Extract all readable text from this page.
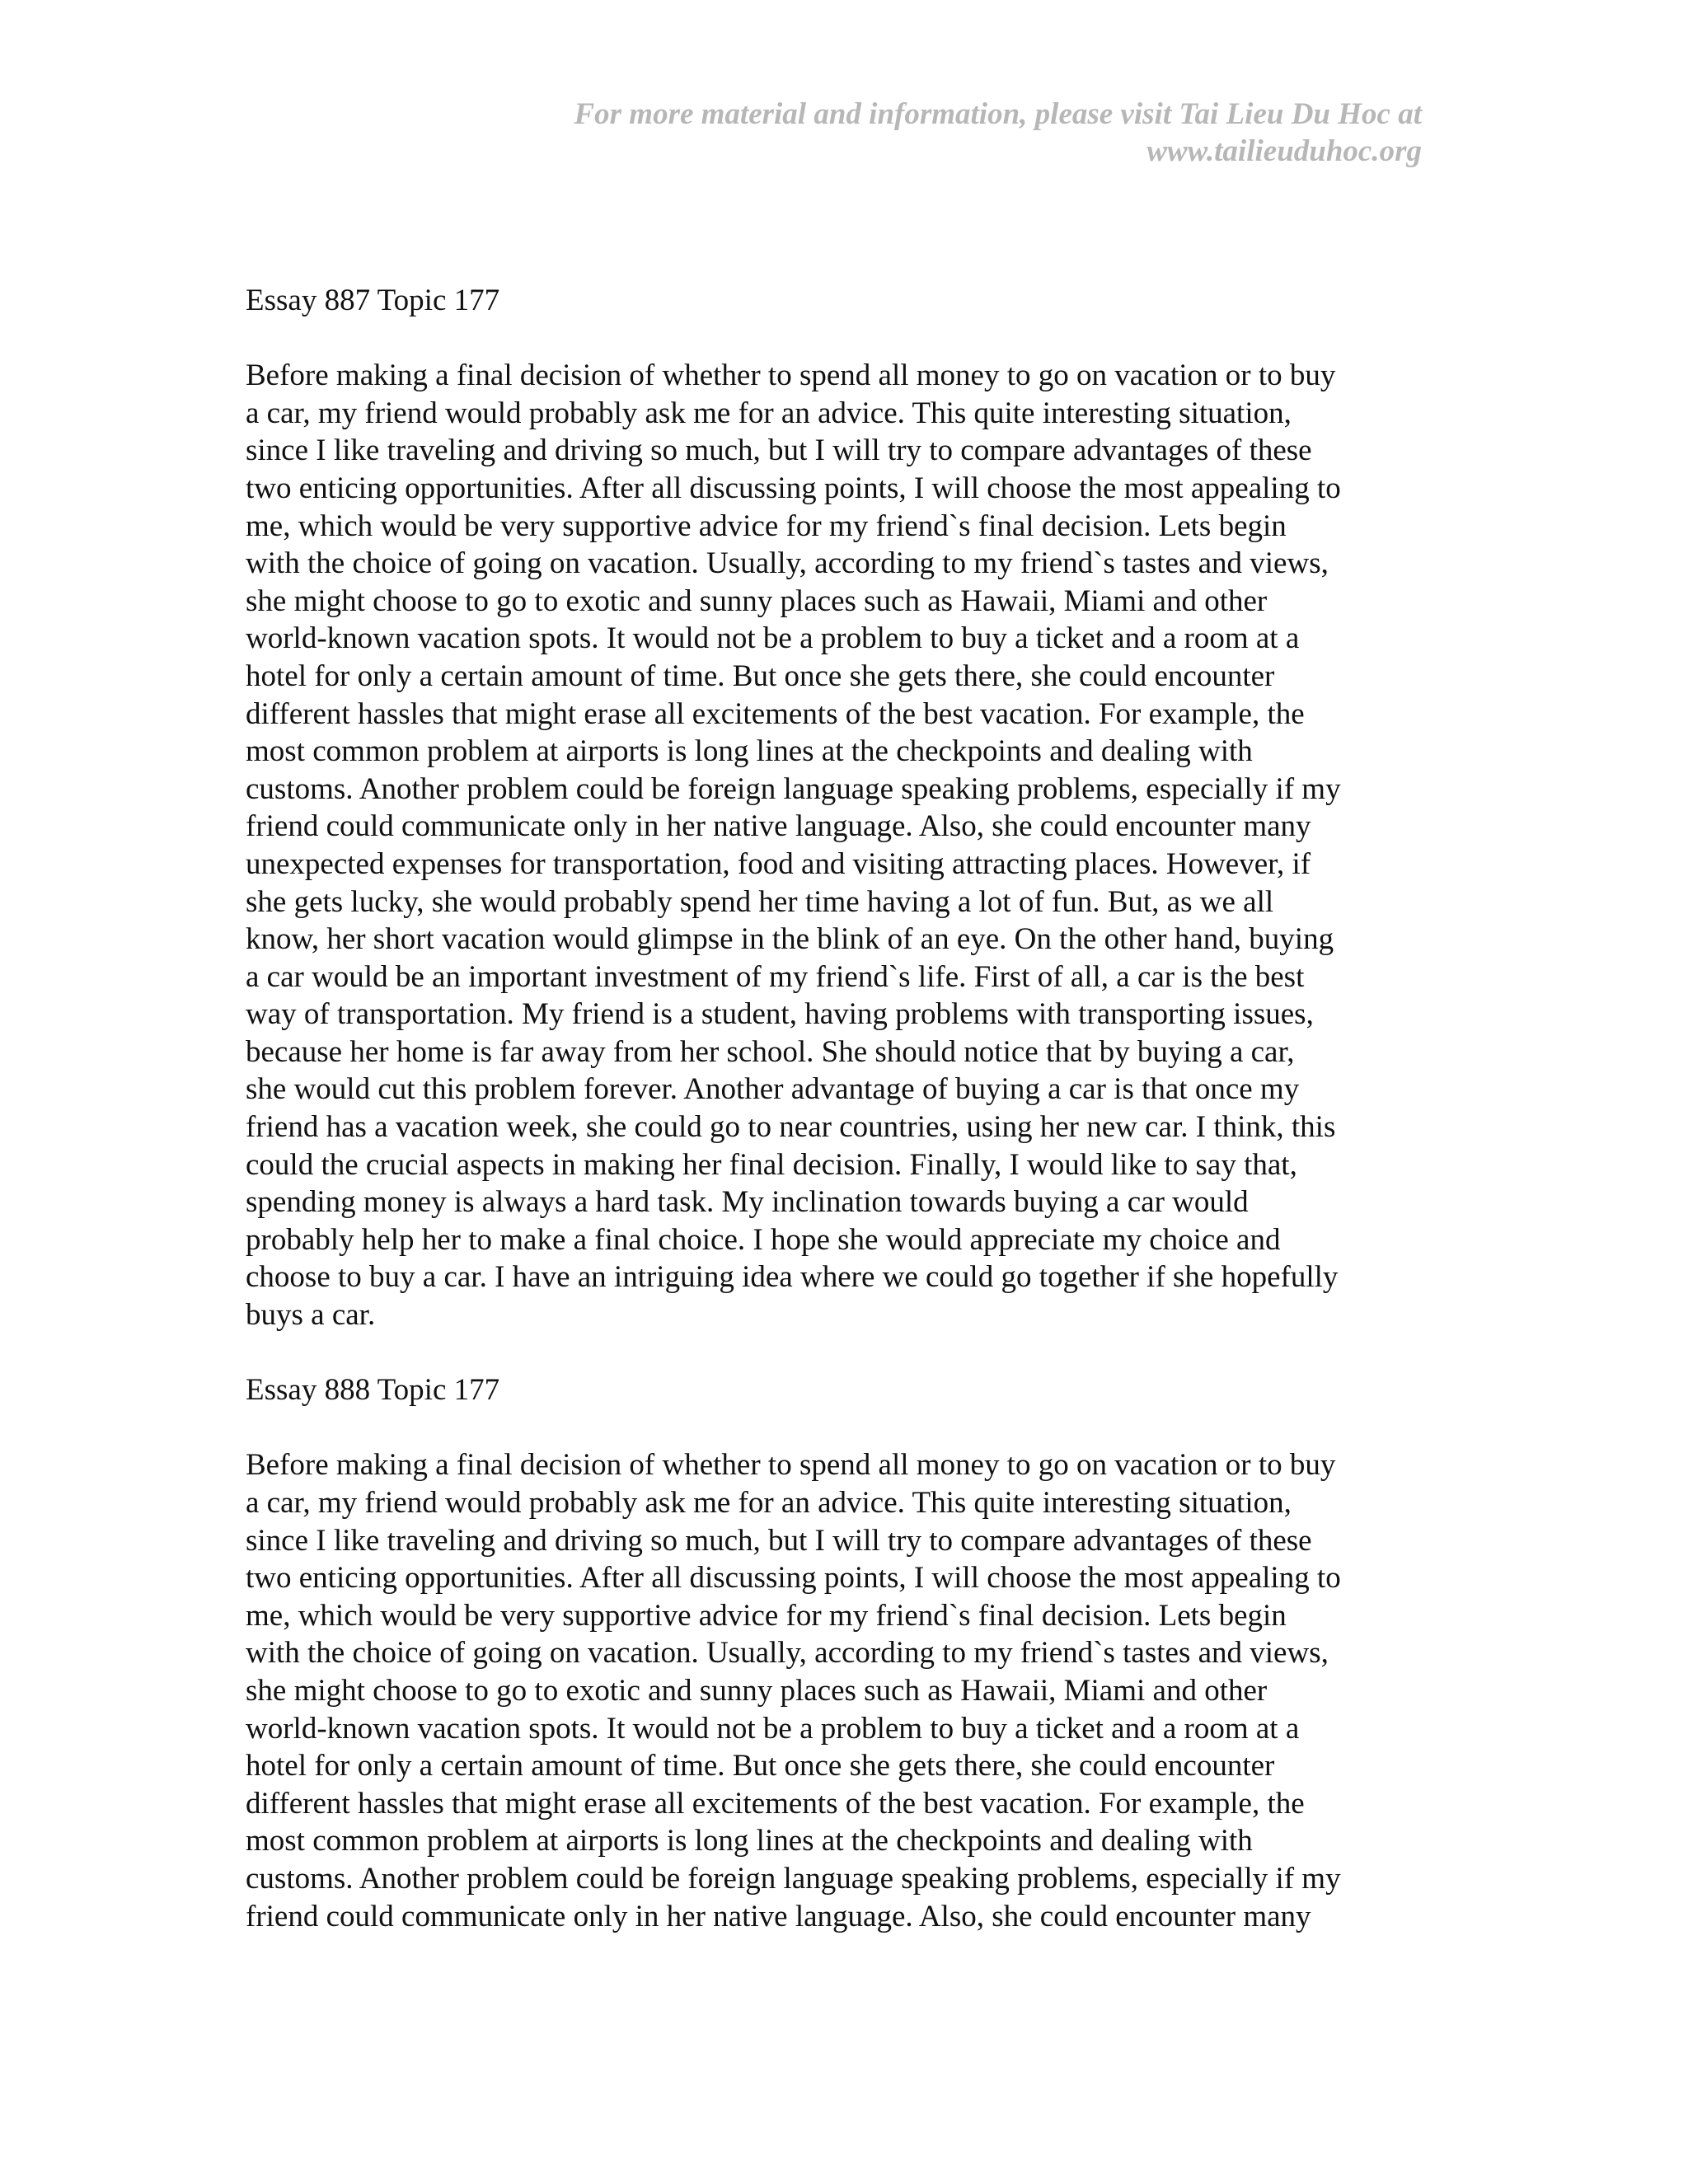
For more material and information, please visit Tai Lieu Du Hoc at
www.tailieuduhoc.org

Essay 887 Topic 177

Before making a final decision of whether to spend all money to go on vacation or to buy
a car, my friend would probably ask me for an advice. This quite interesting situation,
since I like traveling and driving so much, but I will try to compare advantages of these
two enticing opportunities. After all discussing points, I will choose the most appealing to
me, which would be very supportive advice for my friend`s final decision. Lets begin
with the choice of going on vacation. Usually, according to my friend`s tastes and views,
she might choose to go to exotic and sunny places such as Hawaii, Miami and other
world-known vacation spots. It would not be a problem to buy a ticket and a room at a
hotel for only a certain amount of time. But once she gets there, she could encounter
different hassles that might erase all excitements of the best vacation. For example, the
most common problem at airports is long lines at the checkpoints and dealing with
customs. Another problem could be foreign language speaking problems, especially if my
friend could communicate only in her native language. Also, she could encounter many
unexpected expenses for transportation, food and visiting attracting places. However, if
she gets lucky, she would probably spend her time having a lot of fun. But, as we all
know, her short vacation would glimpse in the blink of an eye. On the other hand, buying
a car would be an important investment of my friend`s life. First of all, a car is the best
way of transportation. My friend is a student, having problems with transporting issues,
because her home is far away from her school. She should notice that by buying a car,
she would cut this problem forever. Another advantage of buying a car is that once my
friend has a vacation week, she could go to near countries, using her new car. I think, this
could the crucial aspects in making her final decision. Finally, I would like to say that,
spending money is always a hard task. My inclination towards buying a car would
probably help her to make a final choice. I hope she would appreciate my choice and
choose to buy a car. I have an intriguing idea where we could go together if she hopefully
buys a car.

Essay 888 Topic 177

Before making a final decision of whether to spend all money to go on vacation or to buy
a car, my friend would probably ask me for an advice. This quite interesting situation,
since I like traveling and driving so much, but I will try to compare advantages of these
two enticing opportunities. After all discussing points, I will choose the most appealing to
me, which would be very supportive advice for my friend`s final decision. Lets begin
with the choice of going on vacation. Usually, according to my friend`s tastes and views,
she might choose to go to exotic and sunny places such as Hawaii, Miami and other
world-known vacation spots. It would not be a problem to buy a ticket and a room at a
hotel for only a certain amount of time. But once she gets there, she could encounter
different hassles that might erase all excitements of the best vacation. For example, the
most common problem at airports is long lines at the checkpoints and dealing with
customs. Another problem could be foreign language speaking problems, especially if my
friend could communicate only in her native language. Also, she could encounter many
